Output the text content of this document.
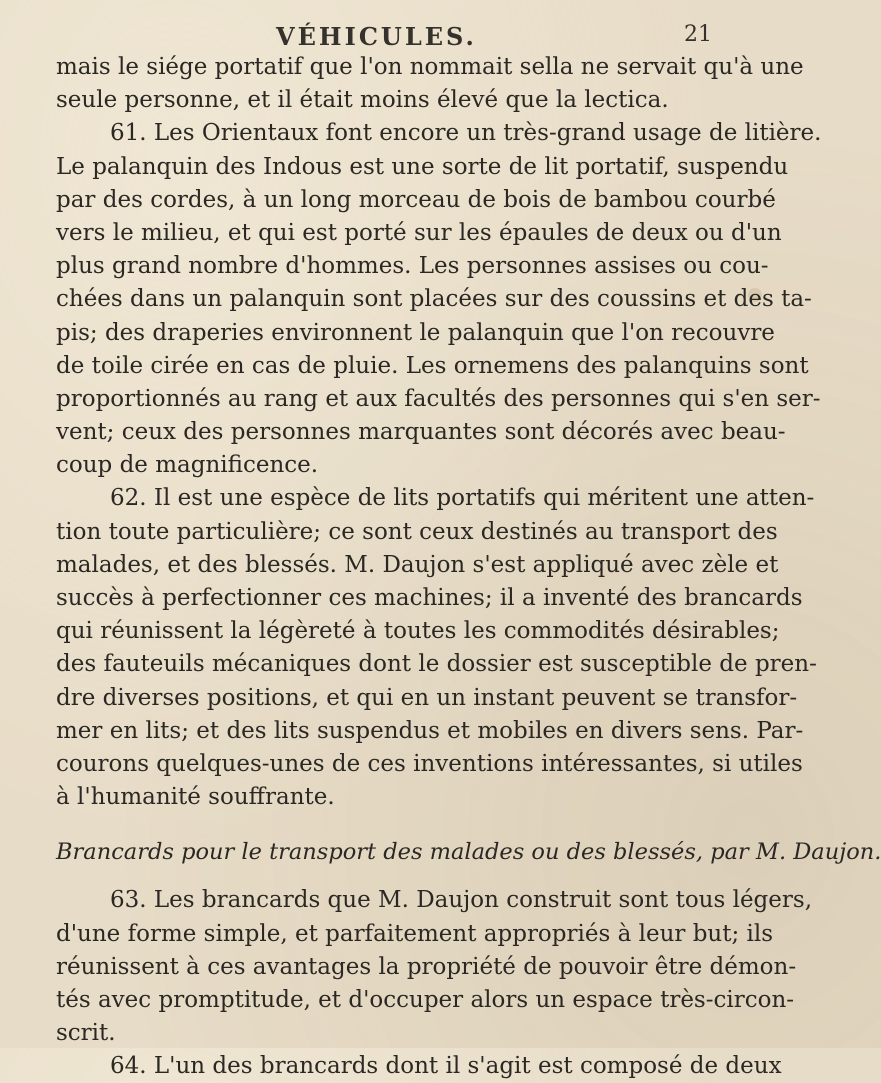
VÉHICULES.	21
mais le siége portatif que l'on nommait sella ne servait qu'à une
seule personne, et il était moins élevé que la lectica.
61. Les Orientaux font encore un très-grand usage de litière.
Le palanquin des Indous est une sorte de lit portatif, suspendu
par des cordes, à un long morceau de bois de bambou courbé
vers le milieu, et qui est porté sur les épaules de deux ou d'un
plus grand nombre d'hommes. Les personnes assises ou cou-
chées dans un palanquin sont placées sur des coussins et des ta-
pis; des draperies environnent le palanquin que l'on recouvre
de toile cirée en cas de pluie. Les ornemens des palanquins sont
proportionnés au rang et aux facultés des personnes qui s'en ser-
vent; ceux des personnes marquantes sont décorés avec beau-
coup de magnificence.
62. Il est une espèce de lits portatifs qui méritent une atten-
tion toute particulière; ce sont ceux destinés au transport des
malades, et des blessés. M. Daujon s'est appliqué avec zèle et
succès à perfectionner ces machines; il a inventé des brancards
qui réunissent la légèreté à toutes les commodités désirables;
des fauteuils mécaniques dont le dossier est susceptible de pren-
dre diverses positions, et qui en un instant peuvent se transfor-
mer en lits; et des lits suspendus et mobiles en divers sens. Par-
courons quelques-unes de ces inventions intéressantes, si utiles
à l'humanité souffrante.
Brancards pour le transport des malades ou des blessés, par M. Daujon.
63. Les brancards que M. Daujon construit sont tous légers,
d'une forme simple, et parfaitement appropriés à leur but; ils
réunissent à ces avantages la propriété de pouvoir être démon-
tés avec promptitude, et d'occuper alors un espace très-circon-
scrit.
64. L'un des brancards dont il s'agit est composé de deux
